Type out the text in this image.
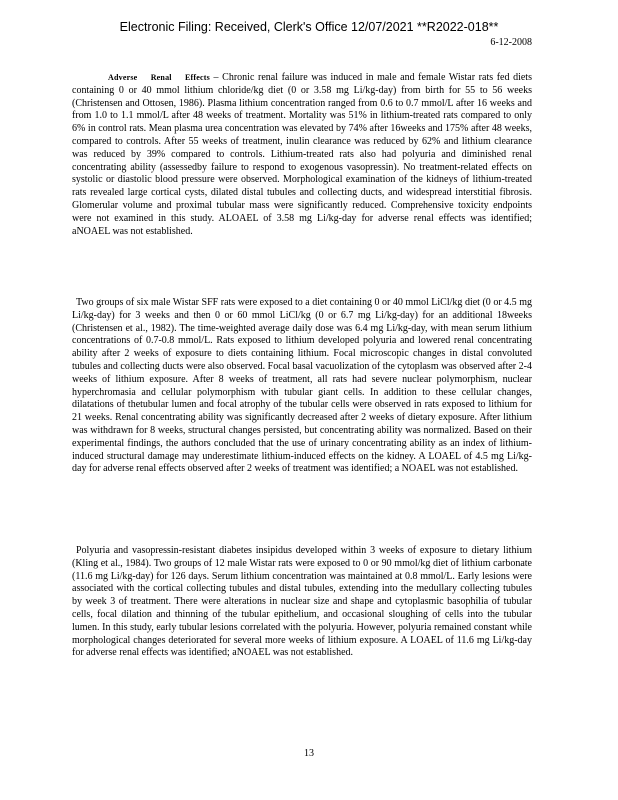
Electronic Filing: Received, Clerk's Office 12/07/2021 **R2022-018**
6-12-2008

Adverse Renal Effects – Chronic renal failure was induced in male and female Wistar rats fed diets containing 0 or 40 mmol lithium chloride/kg diet (0 or 3.58 mg Li/kg-day) from birth for 55 to 56 weeks (Christensen and Ottosen, 1986). Plasma lithium concentration ranged from 0.6 to 0.7 mmol/L after 16 weeks and from 1.0 to 1.1 mmol/L after 48 weeks of treatment. Mortality was 51% in lithium-treated rats compared to only 6% in control rats. Mean plasma urea concentration was elevated by 74% after 16weeks and 175% after 48 weeks, compared to controls. After 55 weeks of treatment, inulin clearance was reduced by 62% and lithium clearance was reduced by 39% compared to controls. Lithium-treated rats also had polyuria and diminished renal concentrating ability (assessedby failure to respond to exogenous vasopressin). No treatment-related effects on systolic or diastolic blood pressure were observed. Morphological examination of the kidneys of lithium-treated rats revealed large cortical cysts, dilated distal tubules and collecting ducts, and widespread interstitial fibrosis. Glomerular volume and proximal tubular mass were significantly reduced. Comprehensive toxicity endpoints were not examined in this study. ALOAEL of 3.58 mg Li/kg-day for adverse renal effects was identified; aNOAEL was not established.

Two groups of six male Wistar SFF rats were exposed to a diet containing 0 or 40 mmol LiCl/kg diet (0 or 4.5 mg Li/kg-day) for 3 weeks and then 0 or 60 mmol LiCl/kg (0 or 6.7 mg Li/kg-day) for an additional 18weeks (Christensen et al., 1982). The time-weighted average daily dose was 6.4 mg Li/kg-day, with mean serum lithium concentrations of 0.7-0.8 mmol/L. Rats exposed to lithium developed polyuria and lowered renal concentrating ability after 2 weeks of exposure to diets containing lithium. Focal microscopic changes in distal convoluted tubules and collecting ducts were also observed. Focal basal vacuolization of the cytoplasm was observed after 2-4 weeks of lithium exposure. After 8 weeks of treatment, all rats had severe nuclear polymorphism, nuclear hyperchromasia and cellular polymorphism with tubular giant cells. In addition to these cellular changes, dilatations of thetubular lumen and focal atrophy of the tubular cells were observed in rats exposed to lithium for 21 weeks. Renal concentrating ability was significantly decreased after 2 weeks of dietary exposure. After lithium was withdrawn for 8 weeks, structural changes persisted, but concentrating ability was normalized. Based on their experimental findings, the authors concluded that the use of urinary concentrating ability as an index of lithium-induced structural damage may underestimate lithium-induced effects on the kidney. A LOAEL of 4.5 mg Li/kg-day for adverse renal effects observed after 2 weeks of treatment was identified; a NOAEL was not established.

Polyuria and vasopressin-resistant diabetes insipidus developed within 3 weeks of exposure to dietary lithium (Kling et al., 1984). Two groups of 12 male Wistar rats were exposed to 0 or 90 mmol/kg diet of lithium carbonate (11.6 mg Li/kg-day) for 126 days. Serum lithium concentration was maintained at 0.8 mmol/L. Early lesions were associated with the cortical collecting tubules and distal tubules, extending into the medullary collecting tubules by week 3 of treatment. There were alterations in nuclear size and shape and cytoplasmic basophilia of tubular cells, focal dilation and thinning of the tubular epithelium, and occasional sloughing of cells into the tubular lumen. In this study, early tubular lesions correlated with the polyuria. However, polyuria remained constant while morphological changes deteriorated for several more weeks of lithium exposure. A LOAEL of 11.6 mg Li/kg-day for adverse renal effects was identified; aNOAEL was not established.

13
